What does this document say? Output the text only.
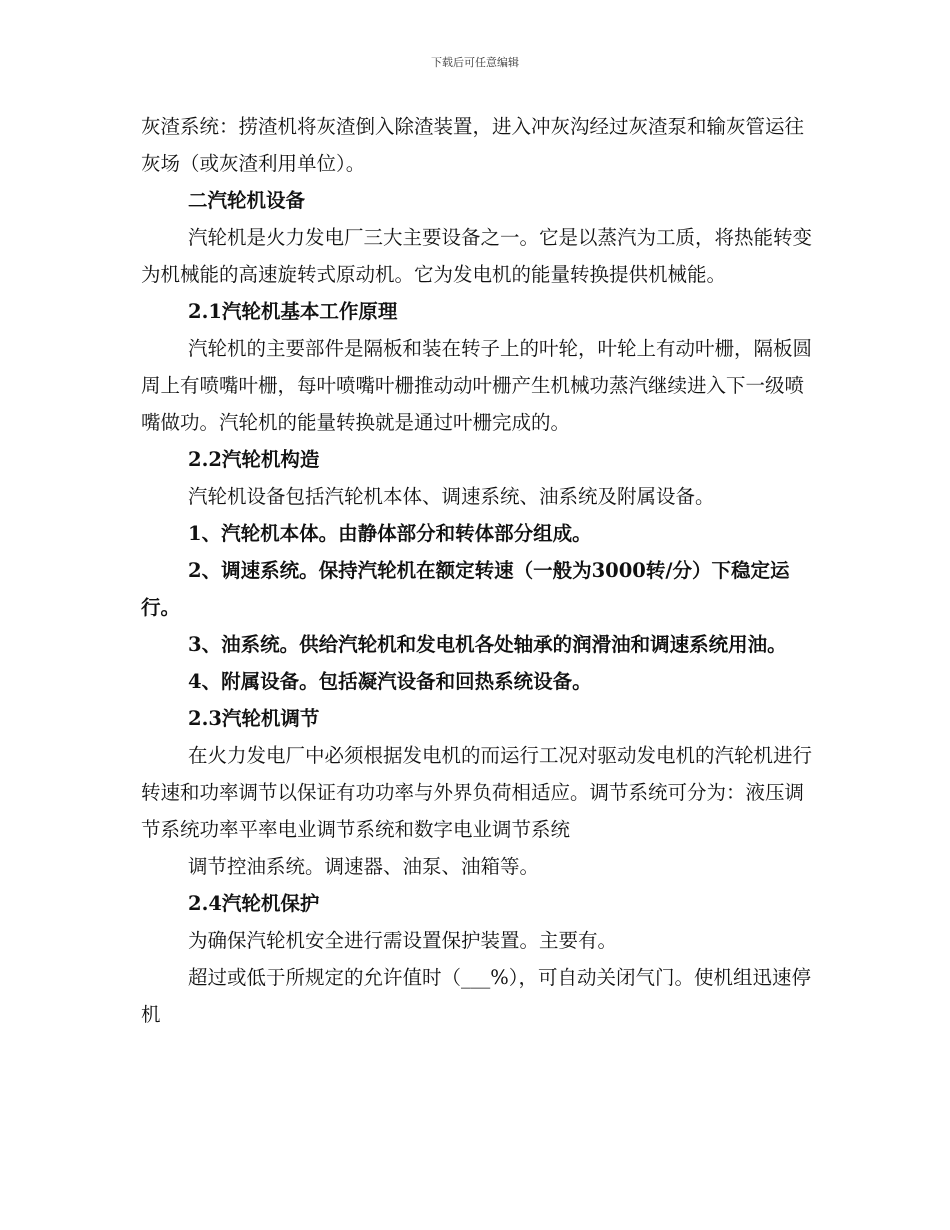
下载后可任意编辑

灰渣系统：捞渣机将灰渣倒入除渣装置，进入冲灰沟经过灰渣泵和输灰管运往灰场（或灰渣利用单位）。

二汽轮机设备

汽轮机是火力发电厂三大主要设备之一。它是以蒸汽为工质，将热能转变为机械能的高速旋转式原动机。它为发电机的能量转换提供机械能。

2.1汽轮机基本工作原理

汽轮机的主要部件是隔板和装在转子上的叶轮，叶轮上有动叶栅，隔板圆周上有喷嘴叶栅，每叶喷嘴叶栅推动动叶栅产生机械功蒸汽继续进入下一级喷嘴做功。汽轮机的能量转换就是通过叶栅完成的。

2.2汽轮机构造

汽轮机设备包括汽轮机本体、调速系统、油系统及附属设备。

1、汽轮机本体。由静体部分和转体部分组成。

2、调速系统。保持汽轮机在额定转速（一般为3000转/分）下稳定运行。

3、油系统。供给汽轮机和发电机各处轴承的润滑油和调速系统用油。

4、附属设备。包括凝汽设备和回热系统设备。

2.3汽轮机调节

在火力发电厂中必须根据发电机的而运行工况对驱动发电机的汽轮机进行转速和功率调节以保证有功功率与外界负荷相适应。调节系统可分为：液压调节系统功率平率电业调节系统和数字电业调节系统

调节控油系统。调速器、油泵、油箱等。

2.4汽轮机保护

为确保汽轮机安全进行需设置保护装置。主要有。

超过或低于所规定的允许值时（___%），可自动关闭气门。使机组迅速停机
